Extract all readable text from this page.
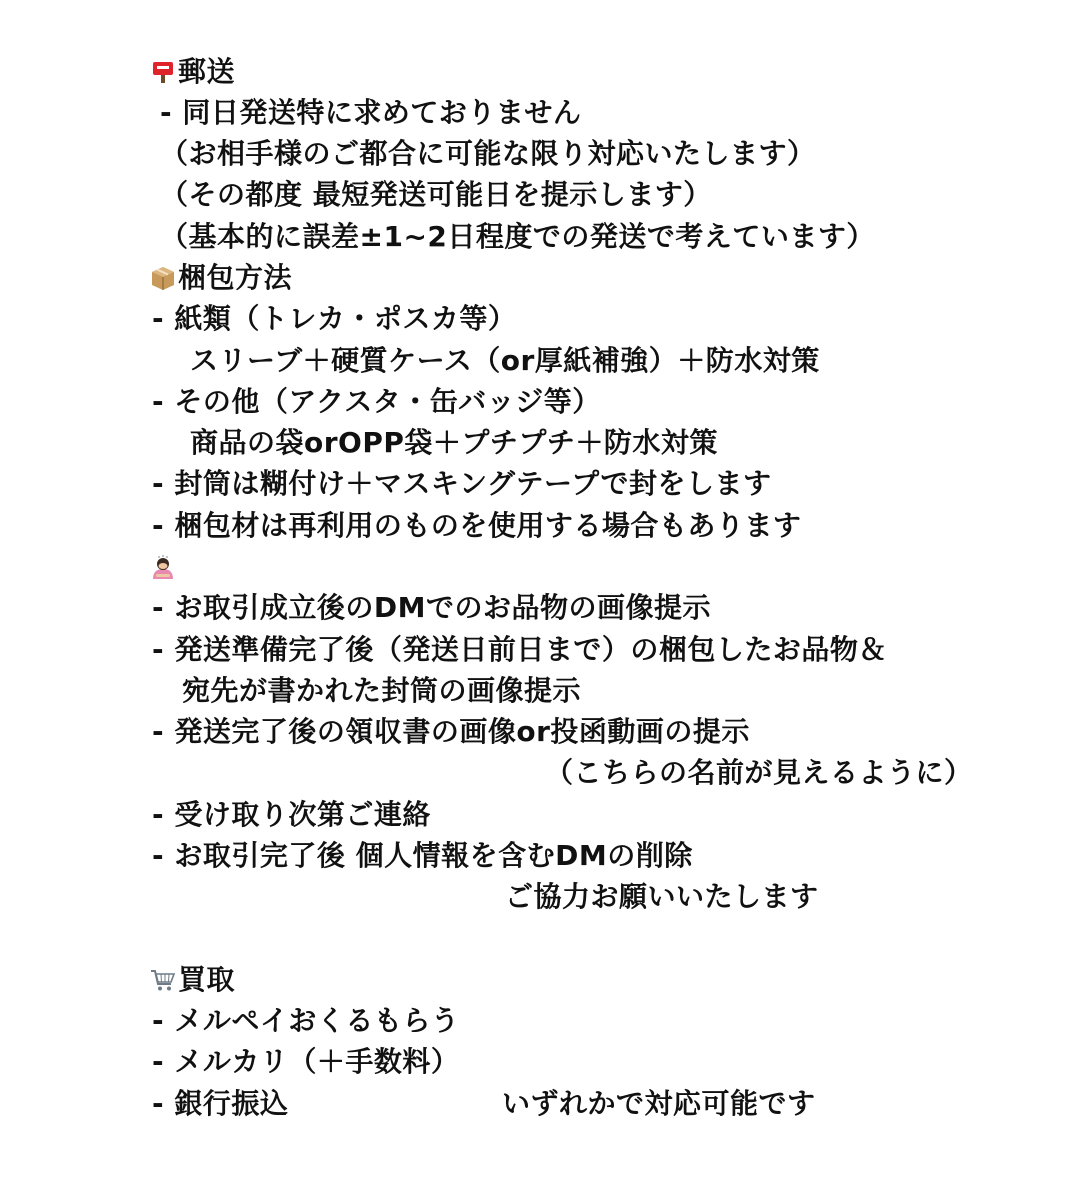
郵送
- 同日発送特に求めておりません
（お相手様のご都合に可能な限り対応いたします）
（その都度 最短発送可能日を提示します）
（基本的に誤差±1~2日程度での発送で考えています）
梱包方法
- 紙類（トレカ・ポスカ等）
スリーブ＋硬質ケース（or厚紙補強）＋防水対策
- その他（アクスタ・缶バッジ等）
商品の袋orOPP袋＋プチプチ＋防水対策
- 封筒は糊付け＋マスキングテープで封をします
- 梱包材は再利用のものを使用する場合もあります
- お取引成立後のDMでのお品物の画像提示
- 発送準備完了後（発送日前日まで）の梱包したお品物＆
宛先が書かれた封筒の画像提示
- 発送完了後の領収書の画像or投函動画の提示
（こちらの名前が見えるように）
- 受け取り次第ご連絡
- お取引完了後 個人情報を含むDMの削除
ご協力お願いいたします
買取
- メルペイおくるもらう
- メルカリ（＋手数料）
- 銀行振込	いずれかで対応可能です
